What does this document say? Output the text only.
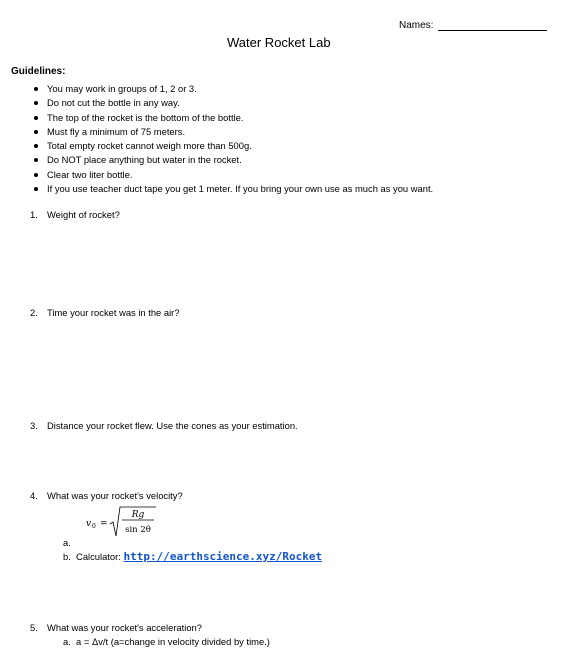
Names:
Water Rocket Lab
Guidelines:
You may work in groups of 1, 2 or 3.
Do not cut the bottle in any way.
The top of the rocket is the bottom of the bottle.
Must fly a minimum of 75 meters.
Total empty rocket cannot weigh more than 500g.
Do NOT place anything but water in the rocket.
Clear two liter bottle.
If you use teacher duct tape you get 1 meter. If you bring your own use as much as you want.
1. Weight of rocket?
2. Time your rocket was in the air?
3. Distance your rocket flew. Use the cones as your estimation.
4. What was your rocket's velocity?
v 0 =
Rg
sin 2θ
a.
b. Calculator: http://earthscience.xyz/Rocket
5. What was your rocket's acceleration?
a. a = Δv/t (a=change in velocity divided by time.)
